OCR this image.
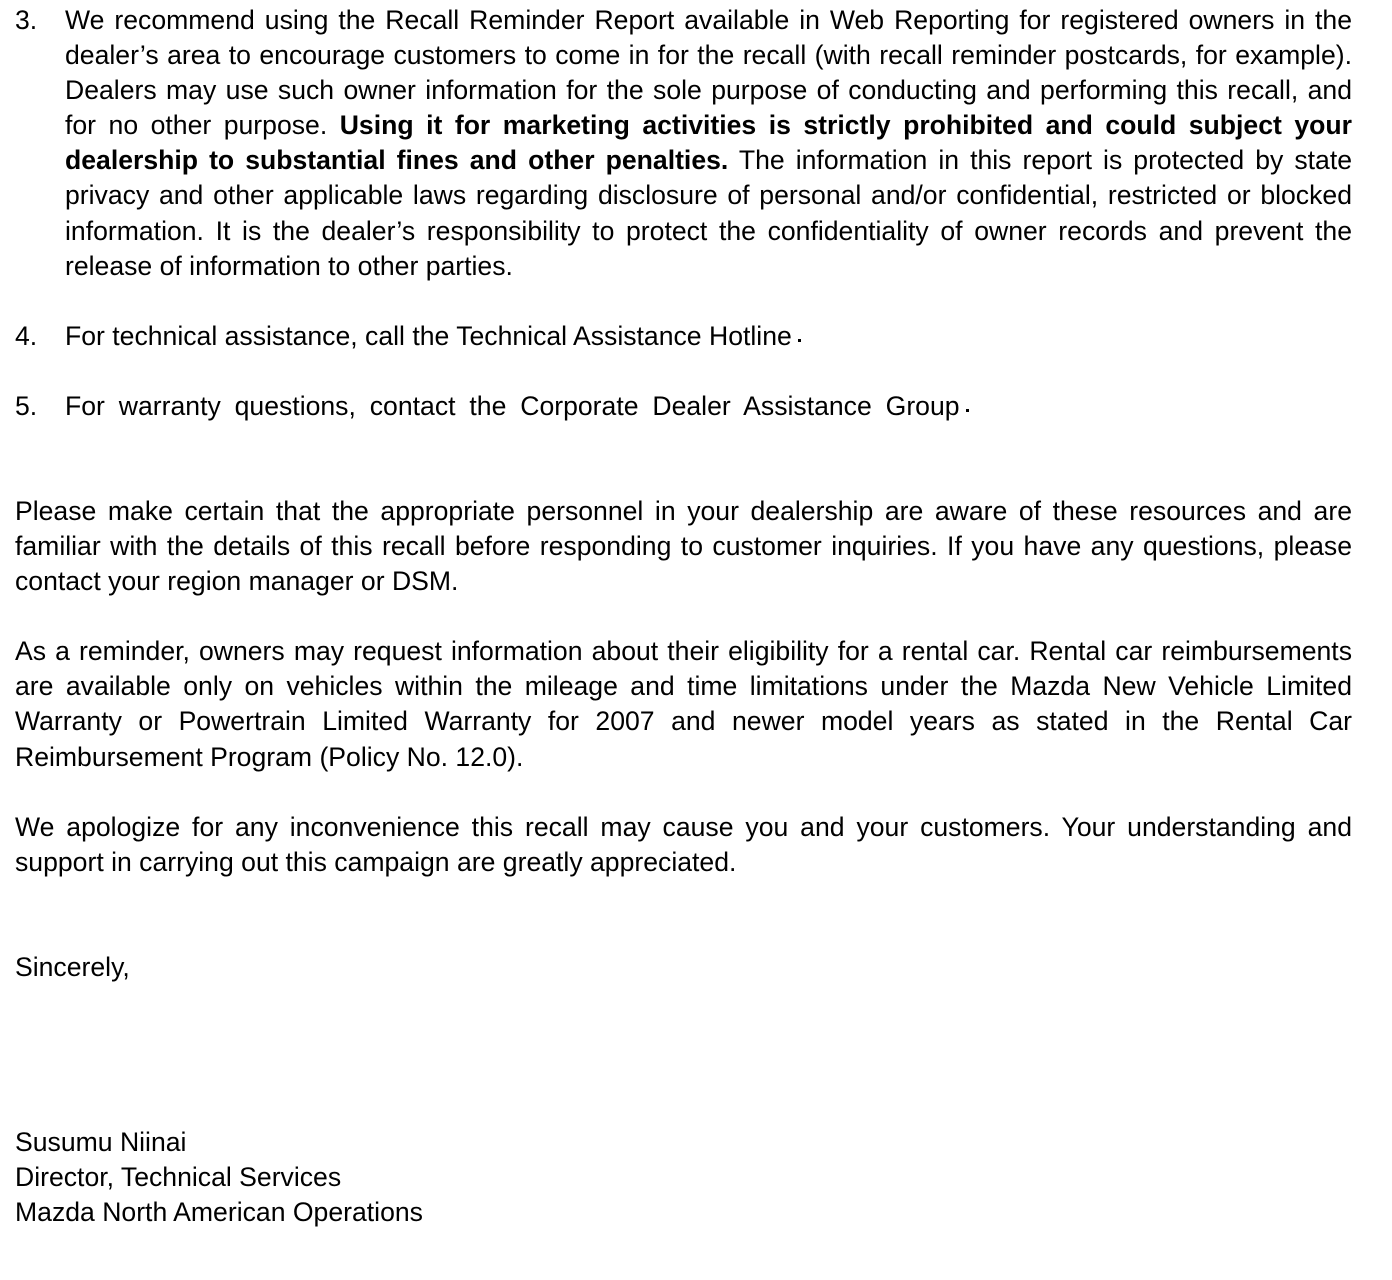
3. We recommend using the Recall Reminder Report available in Web Reporting for registered owners in the dealer’s area to encourage customers to come in for the recall (with recall reminder postcards, for example). Dealers may use such owner information for the sole purpose of conducting and performing this recall, and for no other purpose. Using it for marketing activities is strictly prohibited and could subject your dealership to substantial fines and other penalties. The information in this report is protected by state privacy and other applicable laws regarding disclosure of personal and/or confidential, restricted or blocked information. It is the dealer’s responsibility to protect the confidentiality of owner records and prevent the release of information to other parties.
4. For technical assistance, call the Technical Assistance Hotline
5. For warranty questions, contact the Corporate Dealer Assistance Group
Please make certain that the appropriate personnel in your dealership are aware of these resources and are familiar with the details of this recall before responding to customer inquiries. If you have any questions, please contact your region manager or DSM.
As a reminder, owners may request information about their eligibility for a rental car. Rental car reimbursements are available only on vehicles within the mileage and time limitations under the Mazda New Vehicle Limited Warranty or Powertrain Limited Warranty for 2007 and newer model years as stated in the Rental Car Reimbursement Program (Policy No. 12.0).
We apologize for any inconvenience this recall may cause you and your customers. Your understanding and support in carrying out this campaign are greatly appreciated.
Sincerely,
Susumu Niinai
Director, Technical Services
Mazda North American Operations
